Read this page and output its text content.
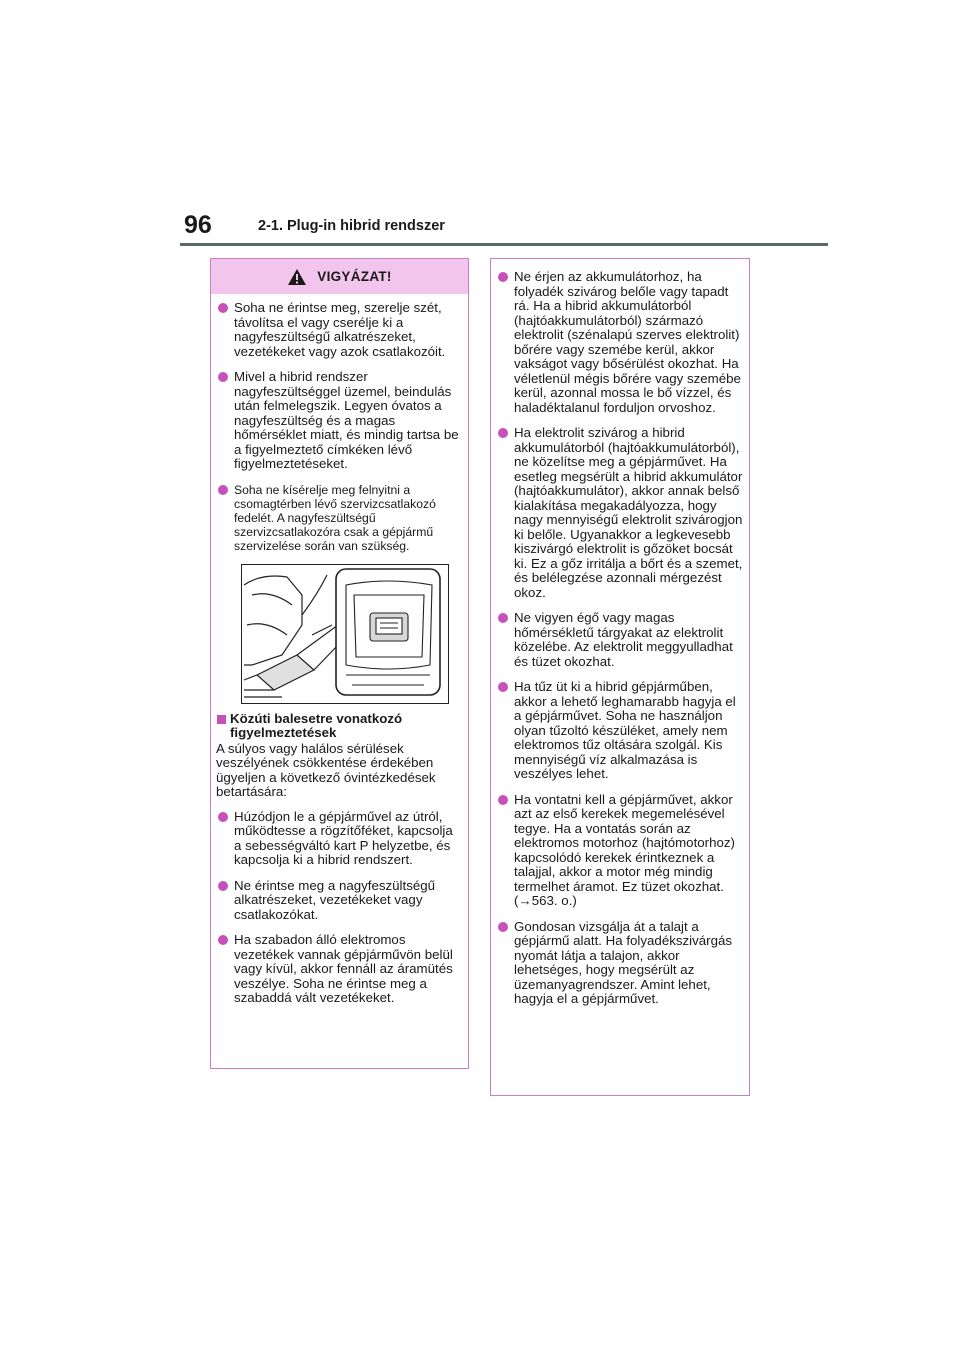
96	2-1. Plug-in hibrid rendszer
VIGYÁZAT!
Soha ne érintse meg, szerelje szét, távolítsa el vagy cserélje ki a nagyfeszültségű alkatrészeket, vezetékeket vagy azok csatlakozóit.
Mivel a hibrid rendszer nagyfeszültséggel üzemel, beindulás után felmelegszik. Legyen óvatos a nagyfeszültség és a magas hőmérséklet miatt, és mindig tartsa be a figyelmeztető címkéken lévő figyelmeztetéseket.
Soha ne kísérelje meg felnyitni a csomagtérben lévő szervizcsatlakozó fedelét. A nagyfeszültségű szervizcsatlakozóra csak a gépjármű szervizelése során van szükség.
Közúti balesetre vonatkozó figyelmeztetések
A súlyos vagy halálos sérülések veszélyének csökkentése érdekében ügyeljen a következő óvintézkedések betartására:
Húzódjon le a gépjárművel az útról, működtesse a rögzítőféket, kapcsolja a sebességváltó kart P helyzetbe, és kapcsolja ki a hibrid rendszert.
Ne érintse meg a nagyfeszültségű alkatrészeket, vezetékeket vagy csatlakozókat.
Ha szabadon álló elektromos vezetékek vannak gépjárművön belül vagy kívül, akkor fennáll az áramütés veszélye. Soha ne érintse meg a szabaddá vált vezetékeket.
Ne érjen az akkumulátorhoz, ha folyadék szivárog belőle vagy tapadt rá. Ha a hibrid akkumulátorból (hajtóakkumulátorból) származó elektrolit (szénalapú szerves elektrolit) bőrére vagy szemébe kerül, akkor vakságot vagy bősérülést okozhat. Ha véletlenül mégis bőrére vagy szemébe kerül, azonnal mossa le bő vízzel, és haladéktalanul forduljon orvoshoz.
Ha elektrolit szivárog a hibrid akkumulátorból (hajtóakkumulátorból), ne közelítse meg a gépjárművet. Ha esetleg megsérült a hibrid akkumulátor (hajtóakkumulátor), akkor annak belső kialakítása megakadályozza, hogy nagy mennyiségű elektrolit szivárogjon ki belőle. Ugyanakkor a legkevesebb kiszivárgó elektrolit is gőzöket bocsát ki. Ez a gőz irritálja a bőrt és a szemet, és belélegzése azonnali mérgezést okoz.
Ne vigyen égő vagy magas hőmérsékletű tárgyakat az elektrolit közelébe. Az elektrolit meggyulladhat és tüzet okozhat.
Ha tűz üt ki a hibrid gépjárműben, akkor a lehető leghamarabb hagyja el a gépjárművet. Soha ne használjon olyan tűzoltó készüléket, amely nem elektromos tűz oltására szolgál. Kis mennyiségű víz alkalmazása is veszélyes lehet.
Ha vontatni kell a gépjárművet, akkor azt az első kerekek megemelésével tegye. Ha a vontatás során az elektromos motorhoz (hajtómotorhoz) kapcsolódó kerekek érintkeznek a talajjal, akkor a motor még mindig termelhet áramot. Ez tüzet okozhat. (→563. o.)
Gondosan vizsgálja át a talajt a gépjármű alatt. Ha folyadékszivárgás nyomát látja a talajon, akkor lehetséges, hogy megsérült az üzemanyagrendszer. Amint lehet, hagyja el a gépjárművet.
